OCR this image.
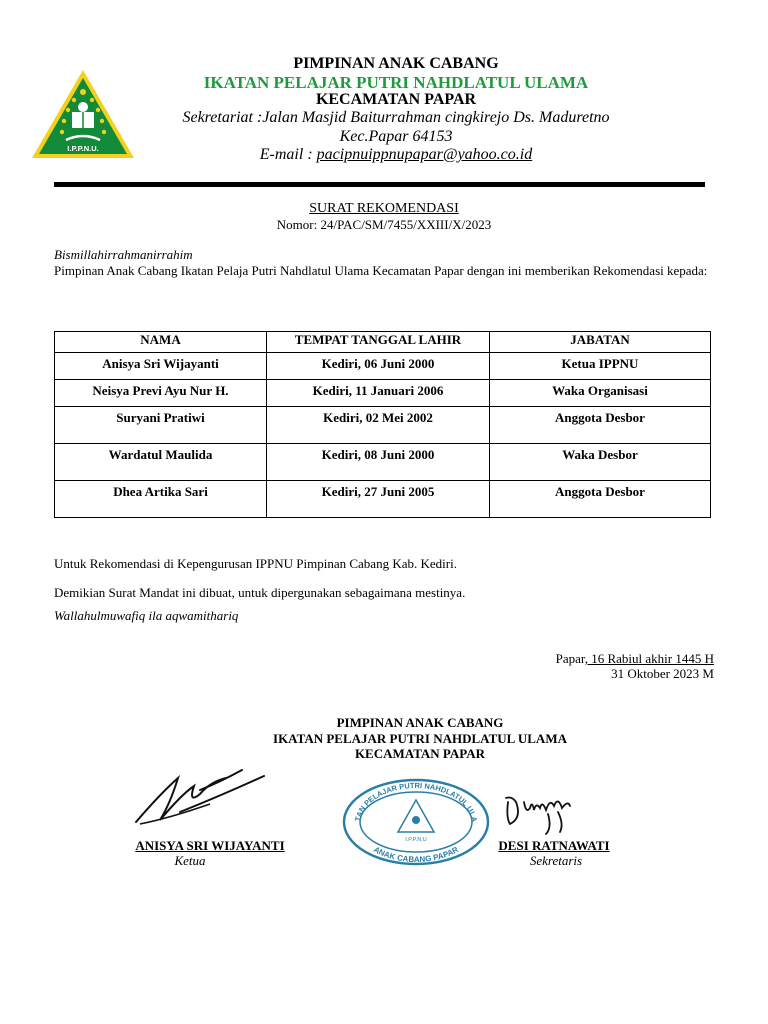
I.P.P.N.U.
PIMPINAN ANAK CABANG
IKATAN PELAJAR PUTRI NAHDLATUL ULAMA
KECAMATAN PAPAR
Sekretariat :Jalan Masjid Baiturrahman cingkirejo Ds. Maduretno
Kec.Papar 64153
E-mail : pacipnuippnupapar@yahoo.co.id
SURAT REKOMENDASI
Nomor: 24/PAC/SM/7455/XXIII/X/2023
Bismillahirrahmanirrahim
Pimpinan Anak Cabang Ikatan Pelaja Putri Nahdlatul Ulama Kecamatan Papar dengan ini memberikan Rekomendasi kepada:
NAMA	TEMPAT TANGGAL LAHIR	JABATAN
Anisya Sri Wijayanti	Kediri, 06 Juni 2000	Ketua IPPNU
Neisya Previ Ayu Nur H.	Kediri, 11 Januari 2006	Waka Organisasi
Suryani Pratiwi	Kediri, 02 Mei 2002	Anggota Desbor
Wardatul Maulida	Kediri, 08 Juni 2000	Waka Desbor
Dhea Artika Sari	Kediri, 27 Juni 2005	Anggota Desbor
Untuk Rekomendasi di Kepengurusan IPPNU Pimpinan Cabang Kab. Kediri.
Demikian Surat Mandat ini dibuat, untuk dipergunakan sebagaimana mestinya.
Wallahulmuwafiq ila aqwamithariq
Papar, 16 Rabiul akhir 1445 H
31 Oktober 2023 M
PIMPINAN ANAK CABANG
IKATAN PELAJAR PUTRI NAHDLATUL ULAMA
KECAMATAN PAPAR
TAN PELAJAR PUTRI NAHDLATUL ULA
ANAK CABANG PAPAR
I.P.P.N.U
ANISYA SRI WIJAYANTI
Ketua
DESI RATNAWATI
Sekretaris
